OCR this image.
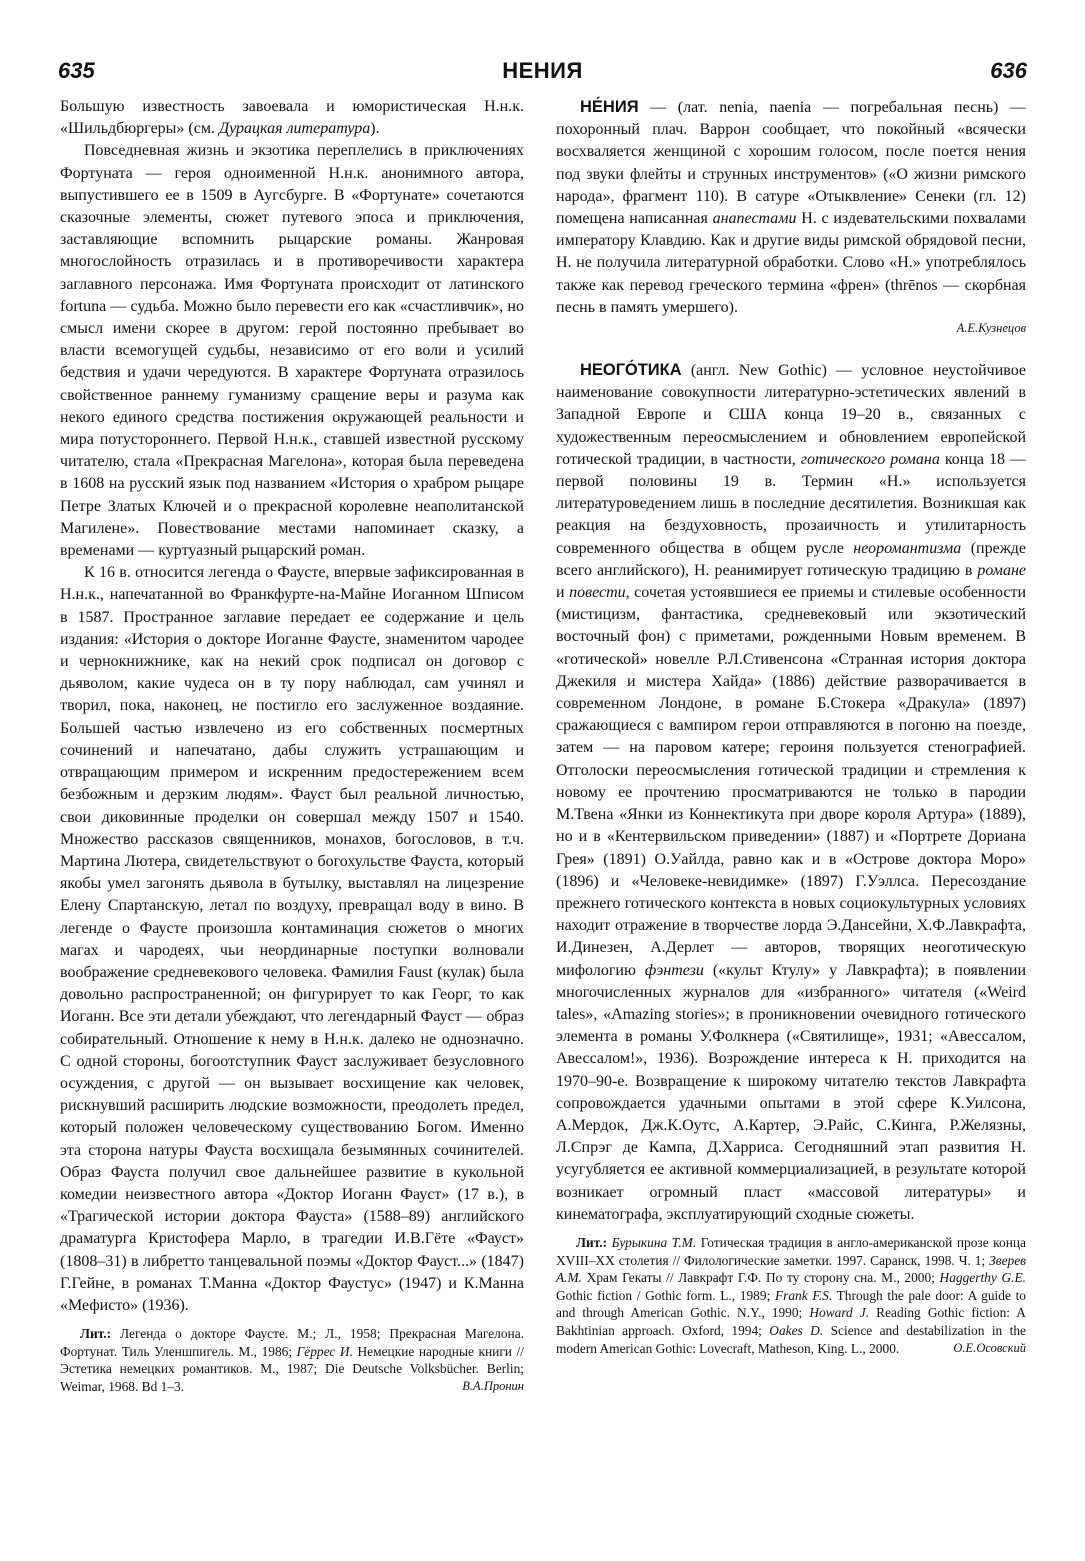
635	НЕНИЯ	636

Большую известность завоевала и юмористическая Н.н.к. «Шильдбюргеры» (см. Дурацкая литература).

Повседневная жизнь и экзотика переплелись в приключениях Фортуната — героя одноименной Н.н.к. анонимного автора, выпустившего ее в 1509 в Аугсбурге. В «Фортунате» сочетаются сказочные элементы, сюжет путевого эпоса и приключения, заставляющие вспомнить рыцарские романы. Жанровая многослойность отразилась и в противоречивости характера заглавного персонажа. Имя Фортуната происходит от латинского fortuna — судьба. Можно было перевести его как «счастливчик», но смысл имени скорее в другом: герой постоянно пребывает во власти всемогущей судьбы, независимо от его воли и усилий бедствия и удачи чередуются. В характере Фортуната отразилось свойственное раннему гуманизму сращение веры и разума как некого единого средства постижения окружающей реальности и мира потустороннего. Первой Н.н.к., ставшей известной русскому читателю, стала «Прекрасная Магелона», которая была переведена в 1608 на русский язык под названием «История о храбром рыцаре Петре Златых Ключей и о прекрасной королевне неаполитанской Магилене». Повествование местами напоминает сказку, а временами — куртуазный рыцарский роман.

К 16 в. относится легенда о Фаусте, впервые зафиксированная в Н.н.к., напечатанной во Франкфурте-на-Майне Иоганном Шписом в 1587. Пространное заглавие передает ее содержание и цель издания: «История о докторе Иоганне Фаусте, знаменитом чародее и чернокнижнике, как на некий срок подписал он договор с дьяволом, какие чудеса он в ту пору наблюдал, сам учинял и творил, пока, наконец, не постигло его заслуженное воздаяние. Большей частью извлечено из его собственных посмертных сочинений и напечатано, дабы служить устрашающим и отвращающим примером и искренним предостережением всем безбожным и дерзким людям». Фауст был реальной личностью, свои диковинные проделки он совершал между 1507 и 1540. Множество рассказов священников, монахов, богословов, в т.ч. Мартина Лютера, свидетельствуют о богохульстве Фауста, который якобы умел загонять дьявола в бутылку, выставлял на лицезрение Елену Спартанскую, летал по воздуху, превращал воду в вино. В легенде о Фаусте произошла контаминация сюжетов о многих магах и чародеях, чьи неординарные поступки волновали воображение средневекового человека. Фамилия Faust (кулак) была довольно распространенной; он фигурирует то как Георг, то как Иоганн. Все эти детали убеждают, что легендарный Фауст — образ собирательный. Отношение к нему в Н.н.к. далеко не однозначно. С одной стороны, богоотступник Фауст заслуживает безусловного осуждения, с другой — он вызывает восхищение как человек, рискнувший расширить людские возможности, преодолеть предел, который положен человеческому существованию Богом. Именно эта сторона натуры Фауста восхищала безымянных сочинителей. Образ Фауста получил свое дальнейшее развитие в кукольной комедии неизвестного автора «Доктор Иоганн Фауст» (17 в.), в «Трагической истории доктора Фауста» (1588–89) английского драматурга Кристофера Марло, в трагедии И.В.Гёте «Фауст» (1808–31) в либретто танцевальной поэмы «Доктор Фауст...» (1847) Г.Гейне, в романах Т.Манна «Доктор Фаустус» (1947) и К.Манна «Мефисто» (1936).

Лит.: Легенда о докторе Фаусте. М.; Л., 1958; Прекрасная Магелона. Фортунат. Тиль Уленшпигель. М., 1986; Гёррес И. Немецкие народные книги // Эстетика немецких романтиков. М., 1987; Die Deutsche Volksbücher. Berlin; Weimar, 1968. Bd 1–3.	В.А.Пронин

НЕ́НИЯ — (лат. nenia, naenia — погребальная песнь) — похоронный плач. Варрон сообщает, что покойный «всячески восхваляется женщиной с хорошим голосом, после поется нения под звуки флейты и струнных инструментов» («О жизни римского народа», фрагмент 110). В сатуре «Отыквление» Сенеки (гл. 12) помещена написанная анапестами Н. с издевательскими похвалами императору Клавдию. Как и другие виды римской обрядовой песни, Н. не получила литературной обработки. Слово «Н.» употреблялось также как перевод греческого термина «френ» (thrēnos — скорбная песнь в память умершего).

А.Е.Кузнецов

НЕОГО́ТИКА (англ. New Gothic) — условное неустойчивое наименование совокупности литературно-эстетических явлений в Западной Европе и США конца 19–20 в., связанных с художественным переосмыслением и обновлением европейской готической традиции, в частности, готического романа конца 18 — первой половины 19 в. Термин «Н.» используется литературоведением лишь в последние десятилетия. Возникшая как реакция на бездуховность, прозаичность и утилитарность современного общества в общем русле неоромантизма (прежде всего английского), Н. реанимирует готическую традицию в романе и повести, сочетая устоявшиеся ее приемы и стилевые особенности (мистицизм, фантастика, средневековый или экзотический восточный фон) с приметами, рожденными Новым временем. В «готической» новелле Р.Л.Стивенсона «Странная история доктора Джекиля и мистера Хайда» (1886) действие разворачивается в современном Лондоне, в романе Б.Стокера «Дракула» (1897) сражающиеся с вампиром герои отправляются в погоню на поезде, затем — на паровом катере; героиня пользуется стенографией. Отголоски переосмысления готической традиции и стремления к новому ее прочтению просматриваются не только в пародии М.Твена «Янки из Коннектикута при дворе короля Артура» (1889), но и в «Кентервильском приведении» (1887) и «Портрете Дориана Грея» (1891) О.Уайлда, равно как и в «Острове доктора Моро» (1896) и «Человеке-невидимке» (1897) Г.Уэллса. Пересоздание прежнего готического контекста в новых социокультурных условиях находит отражение в творчестве лорда Э.Дансейни, Х.Ф.Лавкрафта, И.Динезен, А.Дерлет — авторов, творящих неоготическую мифологию фэнтези («культ Ктулу» у Лавкрафта); в появлении многочисленных журналов для «избранного» читателя («Weird tales», «Amazing stories»; в проникновении очевидного готического элемента в романы У.Фолкнера («Святилище», 1931; «Авессалом, Авессалом!», 1936). Возрождение интереса к Н. приходится на 1970–90-е. Возвращение к широкому читателю текстов Лавкрафта сопровождается удачными опытами в этой сфере К.Уилсона, А.Мердок, Дж.К.Оутс, А.Картер, Э.Райс, С.Кинга, Р.Желязны, Л.Спрэг де Кампа, Д.Харриса. Сегодняшний этап развития Н. усугубляется ее активной коммерциализацией, в результате которой возникает огромный пласт «массовой литературы» и кинематографа, эксплуатирующий сходные сюжеты.

Лит.: Бурыкина Т.М. Готическая традиция в англо-американской прозе конца XVIII–XX столетия // Филологические заметки. 1997. Саранск, 1998. Ч. 1; Зверев А.М. Храм Гекаты // Лавкрафт Г.Ф. По ту сторону сна. М., 2000; Haggerthy G.E. Gothic fiction / Gothic form. L., 1989; Frank F.S. Through the pale door: A guide to and through American Gothic. N.Y., 1990; Howard J. Reading Gothic fiction: A Bakhtinian approach. Oxford, 1994; Oakes D. Science and destabilization in the modern American Gothic: Lovecraft, Matheson, King. L., 2000.	О.Е.Осовский
